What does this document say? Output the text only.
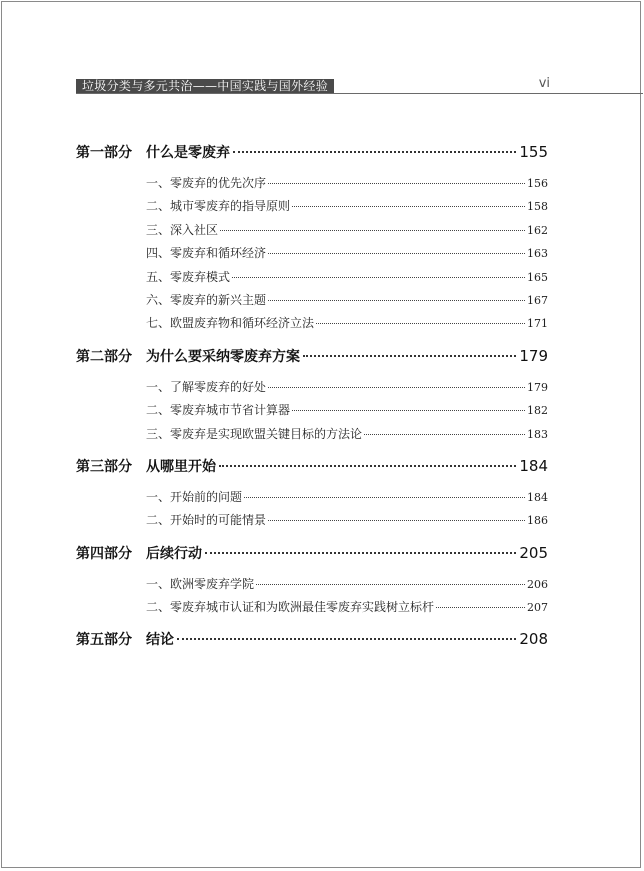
垃圾分类与多元共治——中国实践与国外经验	vi
第一部分	什么是零废弃	155
一、零废弃的优先次序	156
二、城市零废弃的指导原则	158
三、深入社区	162
四、零废弃和循环经济	163
五、零废弃模式	165
六、零废弃的新兴主题	167
七、欧盟废弃物和循环经济立法	171
第二部分	为什么要采纳零废弃方案	179
一、了解零废弃的好处	179
二、零废弃城市节省计算器	182
三、零废弃是实现欧盟关键目标的方法论	183
第三部分	从哪里开始	184
一、开始前的问题	184
二、开始时的可能情景	186
第四部分	后续行动	205
一、欧洲零废弃学院	206
二、零废弃城市认证和为欧洲最佳零废弃实践树立标杆	207
第五部分	结论	208
